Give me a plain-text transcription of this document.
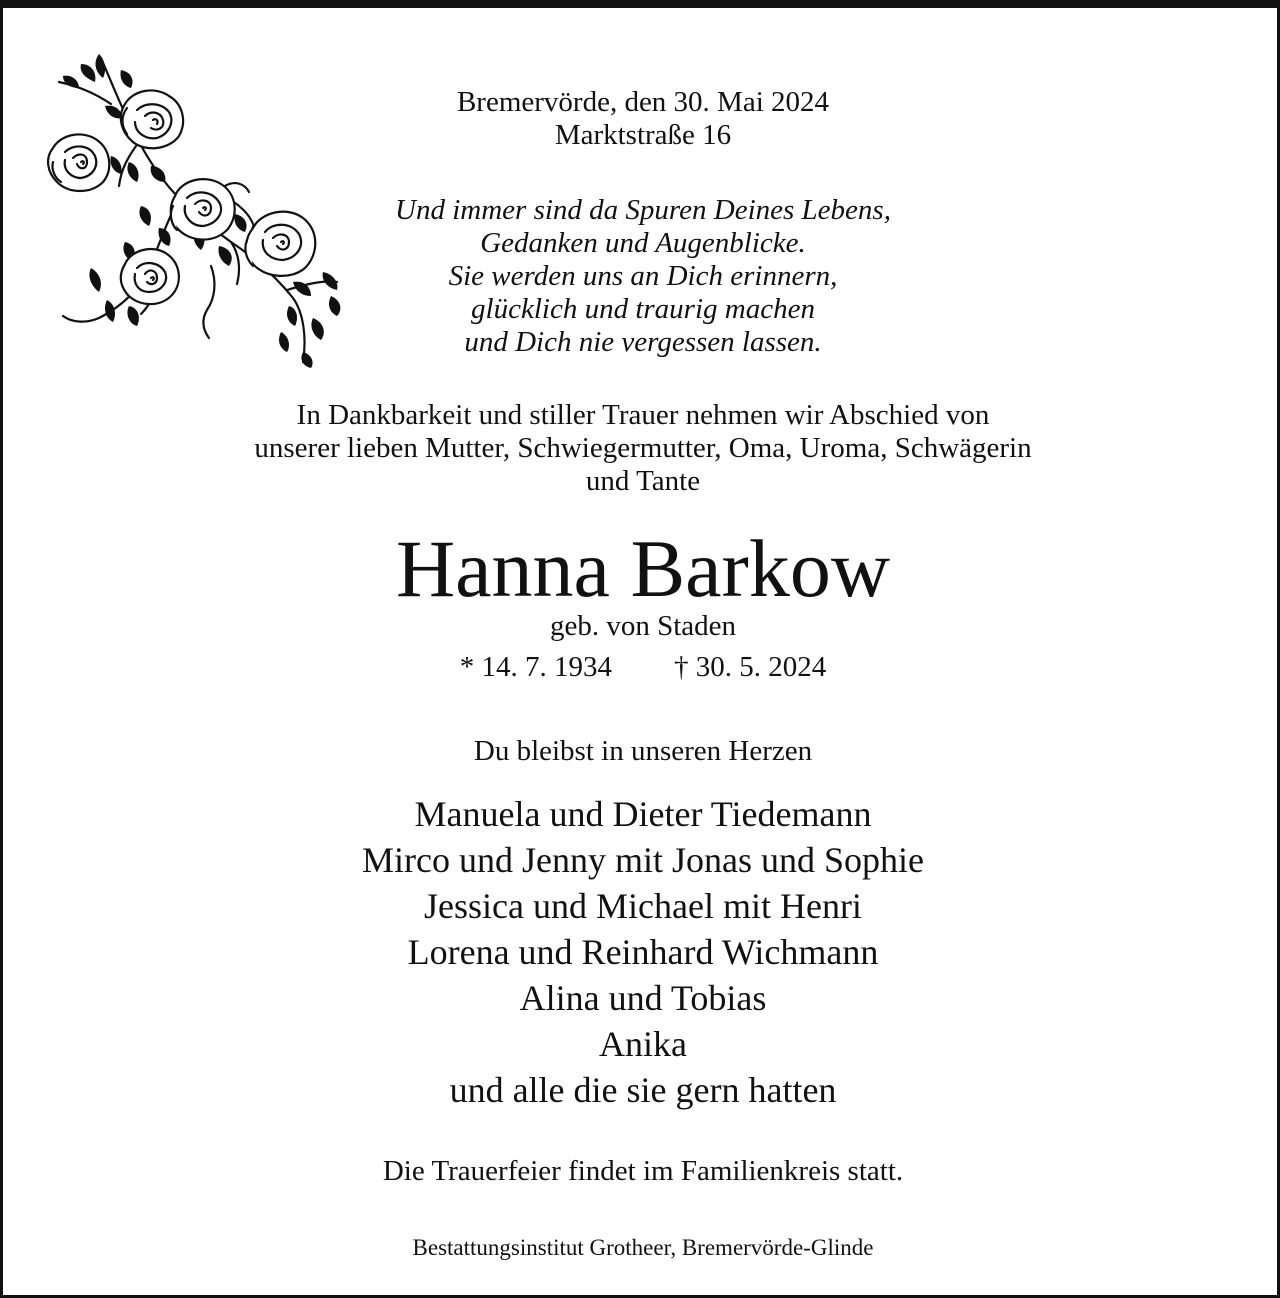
Bremervörde, den 30. Mai 2024
Marktstraße 16
Und immer sind da Spuren Deines Lebens,
Gedanken und Augenblicke.
Sie werden uns an Dich erinnern,
glücklich und traurig machen
und Dich nie vergessen lassen.
In Dankbarkeit und stiller Trauer nehmen wir Abschied von
unserer lieben Mutter, Schwiegermutter, Oma, Uroma, Schwägerin
und Tante
Hanna Barkow
geb. von Staden
* 14. 7. 1934 † 30. 5. 2024
Du bleibst in unseren Herzen
Manuela und Dieter Tiedemann
Mirco und Jenny mit Jonas und Sophie
Jessica und Michael mit Henri
Lorena und Reinhard Wichmann
Alina und Tobias
Anika
und alle die sie gern hatten
Die Trauerfeier findet im Familienkreis statt.
Bestattungsinstitut Grotheer, Bremervörde-Glinde
